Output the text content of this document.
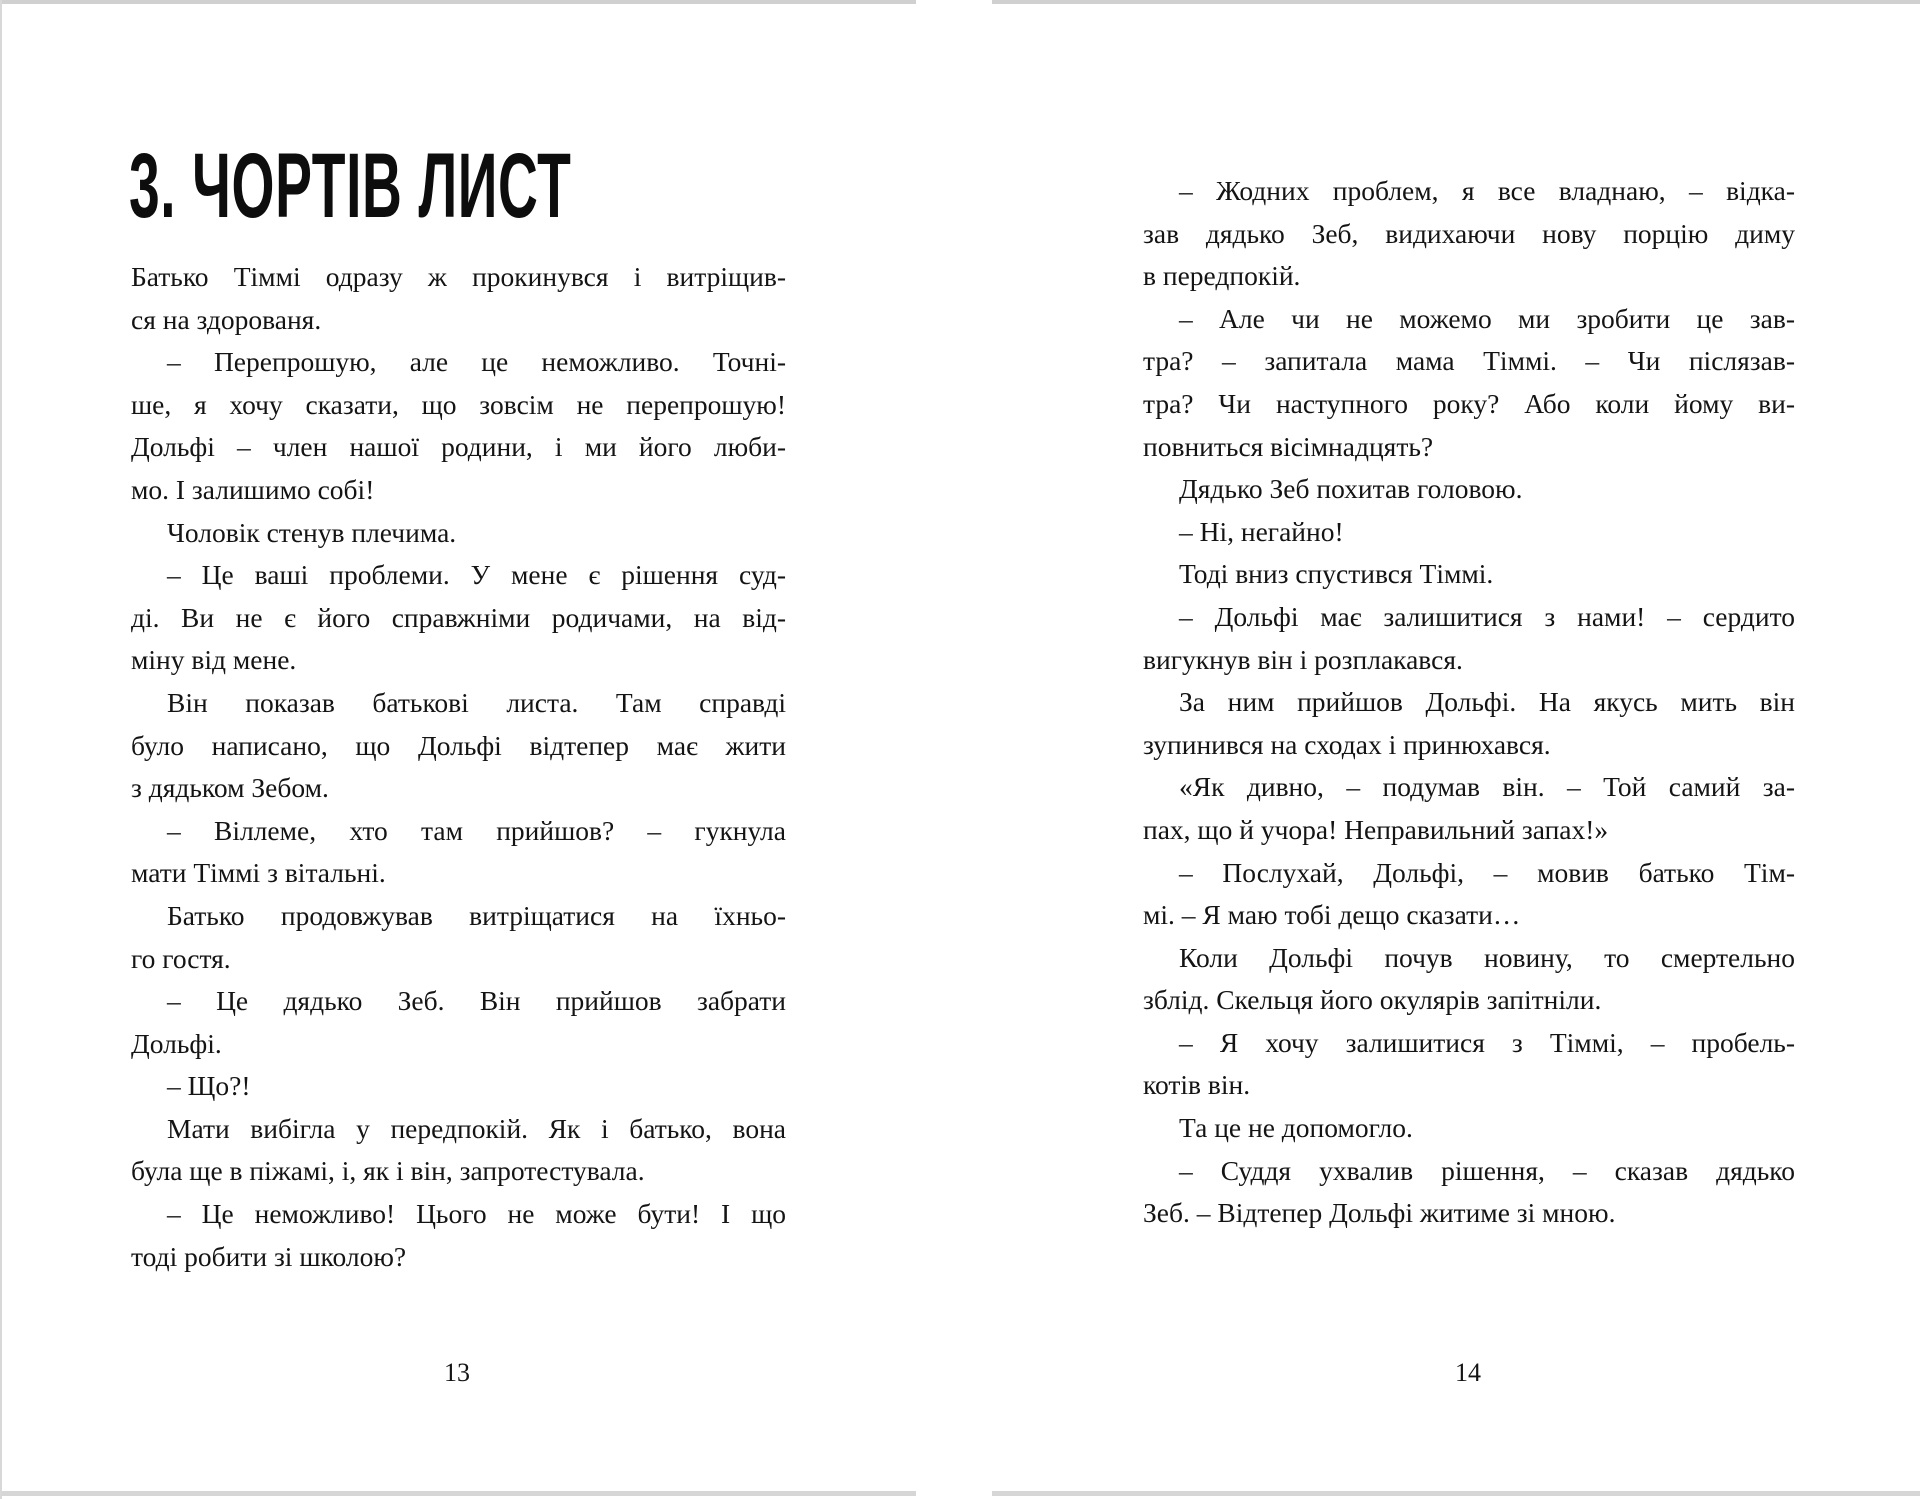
3. ЧОРТІВ ЛИСТ
Батько Тіммі одразу ж прокинувся і витріщив-
ся на здорованя.
– Перепрошую, але це неможливо. Точні-
ше, я хочу сказати, що зовсім не перепрошую!
Дольфі – член нашої родини, і ми його люби-
мо. І залишимо собі!
Чоловік стенув плечима.
– Це ваші проблеми. У мене є рішення суд-
ді. Ви не є його справжніми родичами, на від-
міну від мене.
Він показав батькові листа. Там справді
було написано, що Дольфі відтепер має жити
з дядьком Зебом.
– Віллеме, хто там прийшов? – гукнула
мати Тіммі з вітальні.
Батько продовжував витріщатися на їхньо-
го гостя.
– Це дядько Зеб. Він прийшов забрати
Дольфі.
– Що?!
Мати вибігла у передпокій. Як і батько, вона
була ще в піжамі, і, як і він, запротестувала.
– Це неможливо! Цього не може бути! І що
тоді робити зі школою?
13
– Жодних проблем, я все владнаю, – відка-
зав дядько Зеб, видихаючи нову порцію диму
в передпокій.
– Але чи не можемо ми зробити це зав-
тра? – запитала мама Тіммі. – Чи післязав-
тра? Чи наступного року? Або коли йому ви-
повниться вісімнадцять?
Дядько Зеб похитав головою.
– Ні, негайно!
Тоді вниз спустився Тіммі.
– Дольфі має залишитися з нами! – сердито
вигукнув він і розплакався.
За ним прийшов Дольфі. На якусь мить він
зупинився на сходах і принюхався.
«Як дивно, – подумав він. – Той самий за-
пах, що й учора! Неправильний запах!»
– Послухай, Дольфі, – мовив батько Тім-
мі. – Я маю тобі дещо сказати…
Коли Дольфі почув новину, то смертельно
зблід. Скельця його окулярів запітніли.
– Я хочу залишитися з Тіммі, – пробель-
котів він.
Та це не допомогло.
– Суддя ухвалив рішення, – сказав дядько
Зеб. – Відтепер Дольфі житиме зі мною.
14
